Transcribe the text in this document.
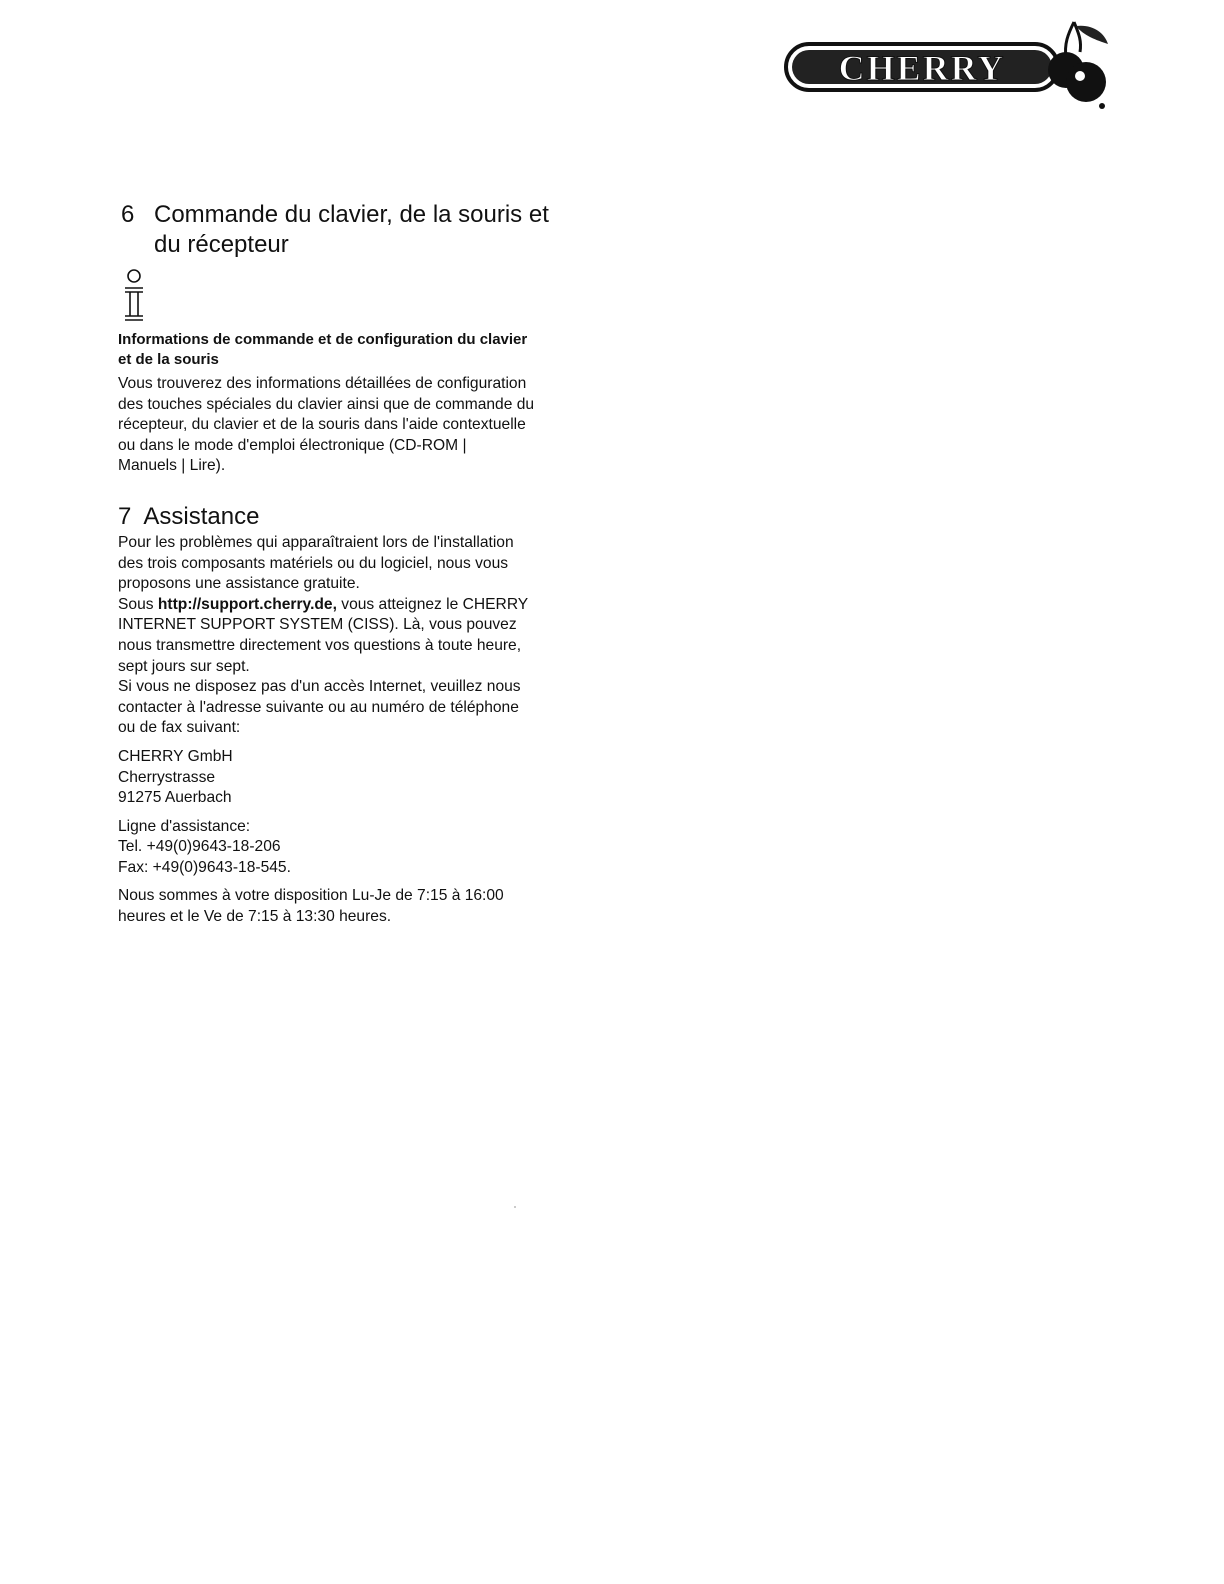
CHERRY
6 Commande du clavier, de la souris et
du récepteur
Informations de commande et de configuration du clavier et de la souris

Vous trouverez des informations détaillées de configuration
des touches spéciales du clavier ainsi que de commande du
récepteur, du clavier et de la souris dans l'aide contextuelle
ou dans le mode d'emploi électronique (CD-ROM |
Manuels | Lire).

7 Assistance

Pour les problèmes qui apparaîtraient lors de l'installation
des trois composants matériels ou du logiciel, nous vous
proposons une assistance gratuite.
Sous http://support.cherry.de, vous atteignez le CHERRY
INTERNET SUPPORT SYSTEM (CISS). Là, vous pouvez
nous transmettre directement vos questions à toute heure,
sept jours sur sept.
Si vous ne disposez pas d'un accès Internet, veuillez nous
contacter à l'adresse suivante ou au numéro de téléphone
ou de fax suivant:

CHERRY GmbH
Cherrystrasse
91275 Auerbach

Ligne d'assistance:
Tel. +49(0)9643-18-206
Fax: +49(0)9643-18-545.

Nous sommes à votre disposition Lu-Je de 7:15 à 16:00
heures et le Ve de 7:15 à 13:30 heures.
